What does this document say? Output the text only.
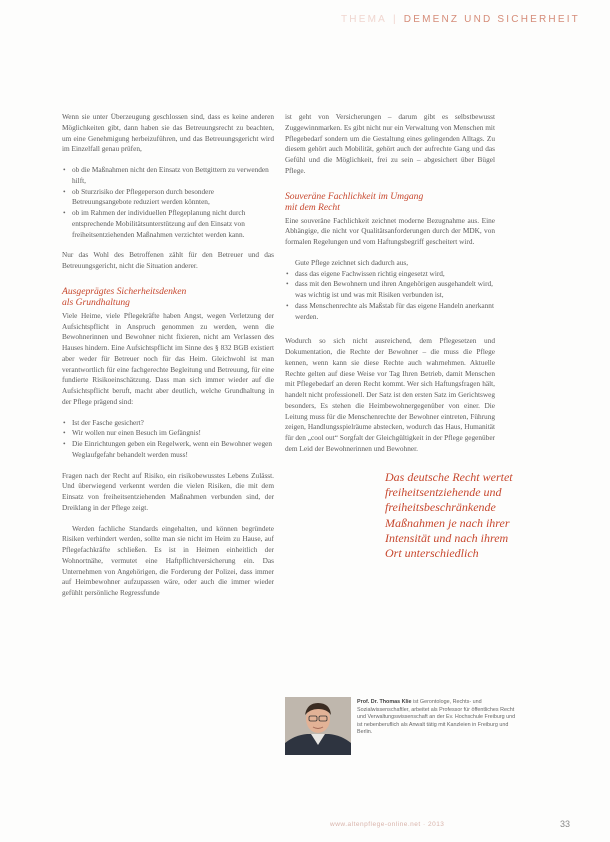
THEMA | DEMENZ UND SICHERHEIT

Wenn sie unter Überzeugung geschlossen sind, dass es keine anderen Möglichkeiten gibt, dann haben sie das Betreuungsrecht zu beachten, um eine Genehmigung herbeizuführen, und das Betreuungsgericht wird im Einzelfall genau prüfen,

• ob die Maßnahmen nicht den Einsatz von Bettgittern zu verwenden hilft,
• ob Sturzrisiko der Pflegeperson durch besondere Betreuungsangebote reduziert werden könnten,
• ob im Rahmen der individuellen Pflegeplanung nicht durch entsprechende Mobilitätsunterstützung auf den Einsatz von freiheitsentziehenden Maßnahmen verzichtet werden kann.

Nur das Wohl des Betroffenen zählt für den Betreuer und das Betreuungsgericht, nicht die Situation anderer.

Ausgeprägtes Sicherheitsdenken
als Grundhaltung

Viele Heime, viele Pflegekräfte haben Angst, wegen Verletzung der Aufsichtspflicht in Anspruch genommen zu werden, wenn die Bewohnerinnen und Bewohner nicht fixieren, nicht am Verlassen des Hauses hindern. Eine Aufsichtspflicht im Sinne des § 832 BGB existiert aber weder für Betreuer noch für das Heim. Gleichwohl ist man verantwortlich für eine fachgerechte Begleitung und Betreuung, für eine fundierte Risikoeinschätzung. Dass man sich immer wieder auf die Aufsichtspflicht beruft, macht aber deutlich, welche Grundhaltung in der Pflege prägend sind:

• Ist der Fasche gesichert?
• Wir wollen nur einen Besuch im Gefängnis!
• Die Einrichtungen geben ein Regelwerk, wenn ein Bewohner wegen Weglaufgefahr behandelt werden muss!

Fragen nach der Recht auf Risiko, ein risikobewusstes Lebens Zulässt. Und überwiegend verkennt werden die vielen Risiken, die mit dem Einsatz von freiheitsentziehenden Maßnahmen verbunden sind, der Dreiklang in der Pflege zeigt.

Werden fachliche Standards eingehalten, und können begründete Risiken verhindert werden, sollte man sie nicht im Heim zu Hause, auf Pflegefachkräfte schließen. Es ist in Heimen einheitlich der Wohnortnähe, vermutet eine Haftpflichtversicherung ein. Das Unternehmen von Angehörigen, die Forderung der Polizei, dass immer auf Heimbewohner aufzupassen wäre, oder auch die immer wieder gefühlt persönliche Regressfunde

ist geht von Versicherungen – darum gibt es selbstbewusst Zuggewinnmarken. Es gibt nicht nur ein Verwaltung von Menschen mit Pflegebedarf sondern um die Gestaltung eines gelingenden Alltags. Zu diesem gehört auch Mobilität, gehört auch der aufrechte Gang und das Gefühl und die Möglichkeit, frei zu sein – abgesichert über Bügel Pflege.

Souveräne Fachlichkeit im Umgang
mit dem Recht

Eine souveräne Fachlichkeit zeichnet moderne Bezugnahme aus. Eine Abhängige, die nicht vor Qualitätsanforderungen durch der MDK, von formalen Regelungen und vom Haftungsbegriff gescheitert wird.

Gute Pflege zeichnet sich dadurch aus,

• dass das eigene Fachwissen richtig eingesetzt wird,
• dass mit den Bewohnern und ihren Angehörigen ausgehandelt wird, was wichtig ist und was mit Risiken verbunden ist,
• dass Menschenrechte als Maßstab für das eigene Handeln anerkannt werden.

Wodurch so sich nicht ausreichend, dem Pflegesetzen und Dokumentation, die Rechte der Bewohner – die muss die Pflege kennen, wenn kann sie diese Rechte auch wahrnehmen. Aktuelle Rechte gelten auf diese Weise vor Tag Ihren Betrieb, damit Menschen mit Pflegebedarf an deren Recht kommt. Wer sich Haftungsfragen hält, handelt nicht professionell. Der Satz ist den ersten Satz im Gerichtsweg besonders, Es stehen die Heimbewohnergegenüber von einer. Die Leitung muss für die Menschenrechte der Bewohner eintreten, Führung zeigen, Handlungsspielräume abstecken, wodurch das Haus, Humanität für den „cool out“ Sorgfalt der Gleichgültigkeit in der Pflege gegenüber dem Leid der Bewohnerinnen und Bewohner.

Das deutsche Recht wertet
freiheitsentziehende und
freiheitsbeschränkende
Maßnahmen je nach ihrer
Intensität und nach ihrem
Ort unterschiedlich
Prof. Dr. Thomas Klie ist Gerontologe, Rechts- und Sozialwissenschaftler, arbeitet als Professor für öffentliches Recht und Verwaltungswissenschaft an der Ev. Hochschule Freiburg und ist nebenberuflich als Anwalt tätig mit Kanzleien in Freiburg und Berlin.
www.altenpflege-online.net · 2013	33
